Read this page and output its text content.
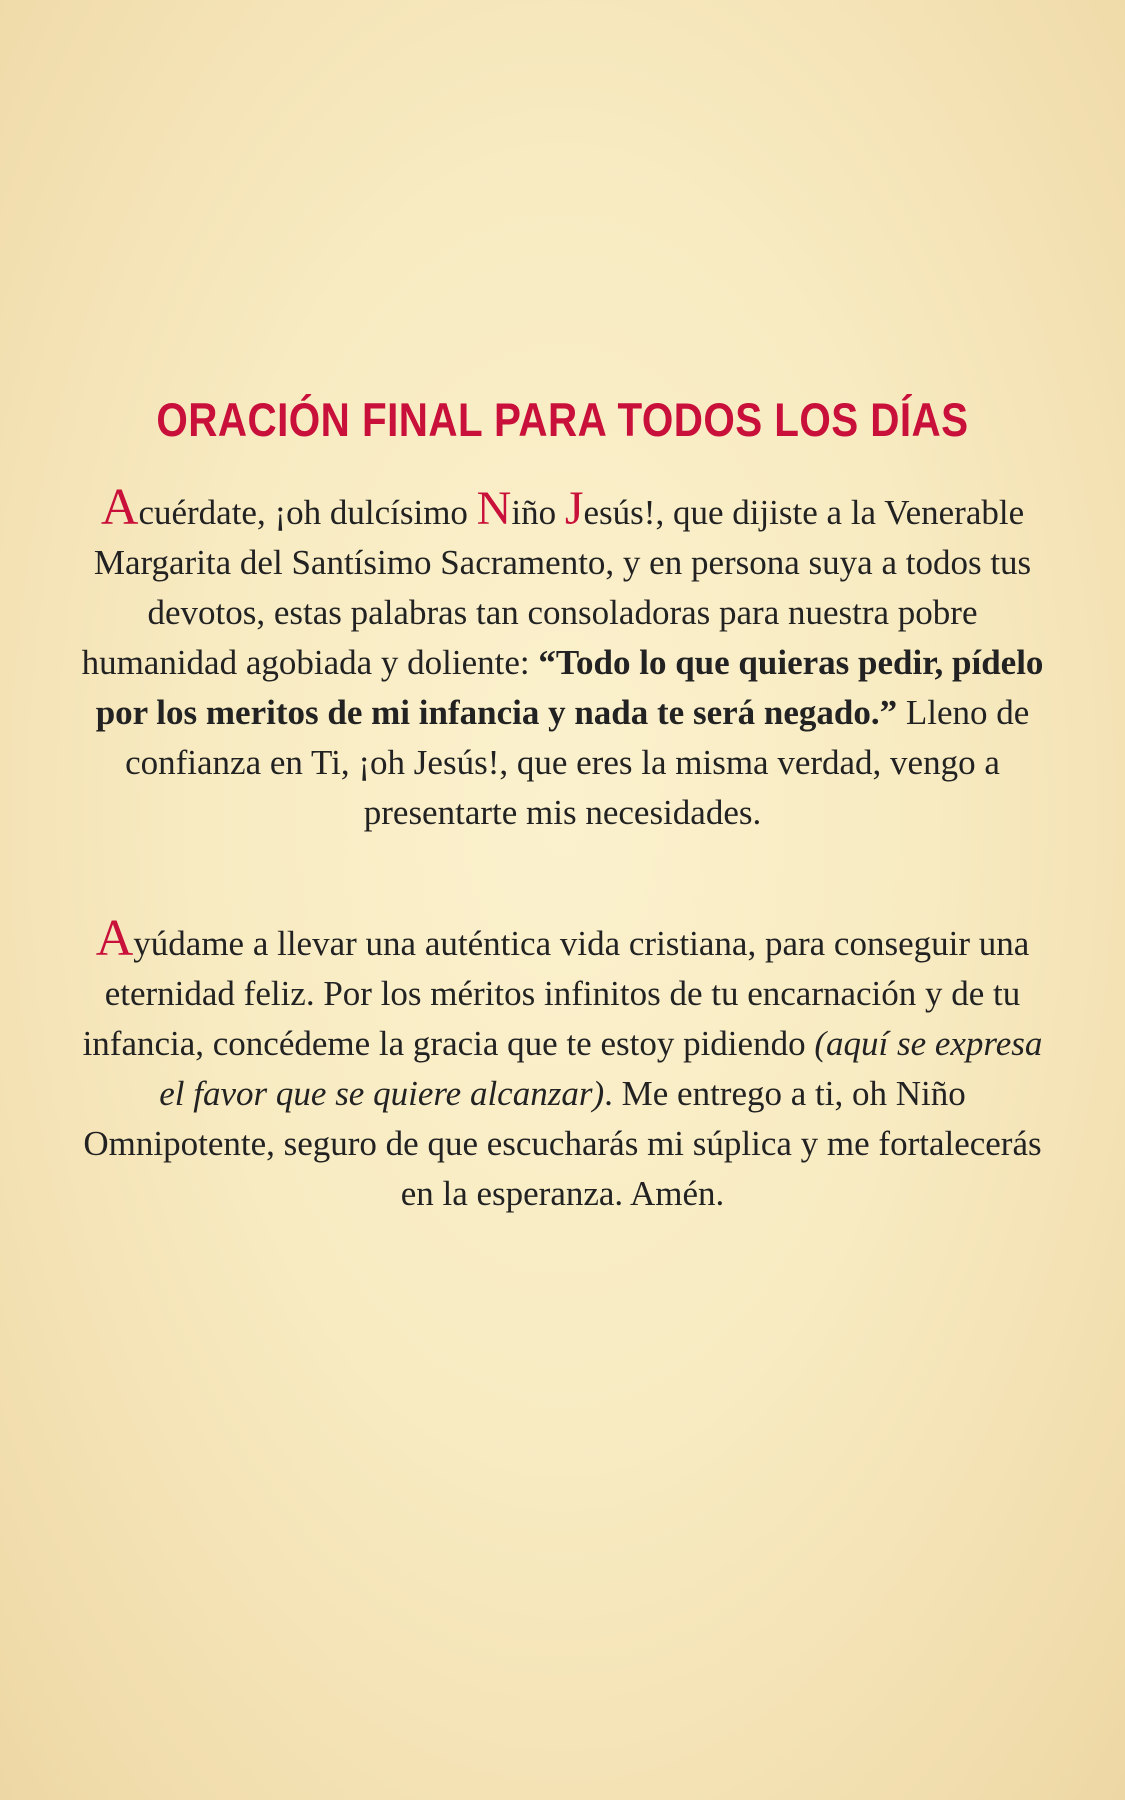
ORACIÓN FINAL PARA TODOS LOS DÍAS

Acuérdate, ¡oh dulcísimo Niño Jesús!, que dijiste a la Venerable Margarita del Santísimo Sacramento, y en persona suya a todos tus devotos, estas palabras tan consoladoras para nuestra pobre humanidad agobiada y doliente: “Todo lo que quieras pedir, pídelo por los meritos de mi infancia y nada te será negado.” Lleno de confianza en Ti, ¡oh Jesús!, que eres la misma verdad, vengo a presentarte mis necesidades.

Ayúdame a llevar una auténtica vida cristiana, para conseguir una eternidad feliz. Por los méritos infinitos de tu encarnación y de tu infancia, concédeme la gracia que te estoy pidiendo (aquí se expresa el favor que se quiere alcanzar). Me entrego a ti, oh Niño Omnipotente, seguro de que escucharás mi súplica y me fortalecerás en la esperanza. Amén.
